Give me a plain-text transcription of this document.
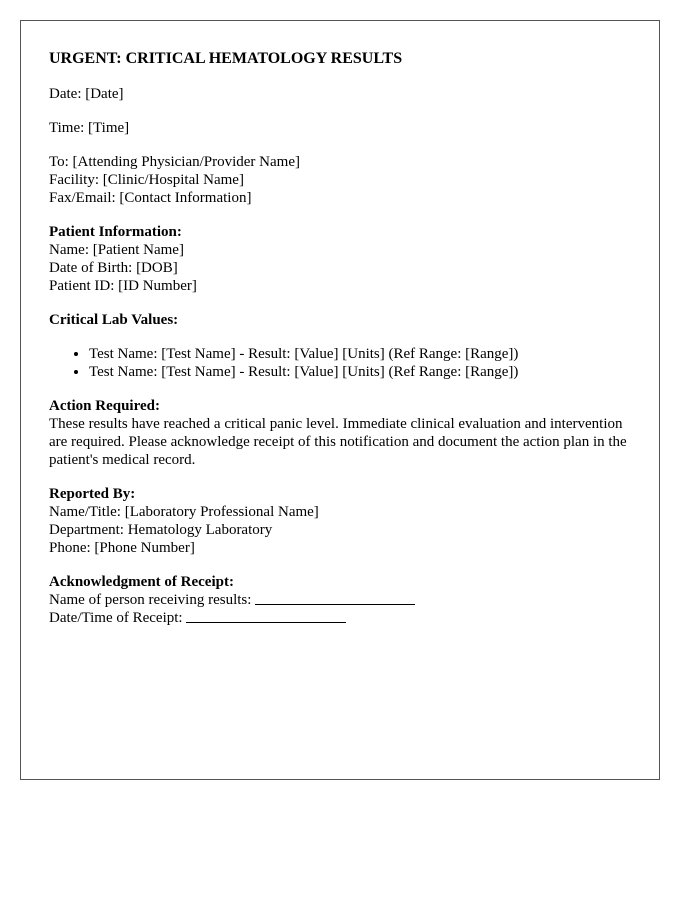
URGENT: CRITICAL HEMATOLOGY RESULTS
Date: [Date]
Time: [Time]
To: [Attending Physician/Provider Name]
Facility: [Clinic/Hospital Name]
Fax/Email: [Contact Information]
Patient Information:
Name: [Patient Name]
Date of Birth: [DOB]
Patient ID: [ID Number]
Critical Lab Values:
• Test Name: [Test Name] - Result: [Value] [Units] (Ref Range: [Range])
• Test Name: [Test Name] - Result: [Value] [Units] (Ref Range: [Range])
Action Required:
These results have reached a critical panic level. Immediate clinical evaluation and intervention are required. Please acknowledge receipt of this notification and document the action plan in the patient's medical record.
Reported By:
Name/Title: [Laboratory Professional Name]
Department: Hematology Laboratory
Phone: [Phone Number]
Acknowledgment of Receipt:
Name of person receiving results:
Date/Time of Receipt:
